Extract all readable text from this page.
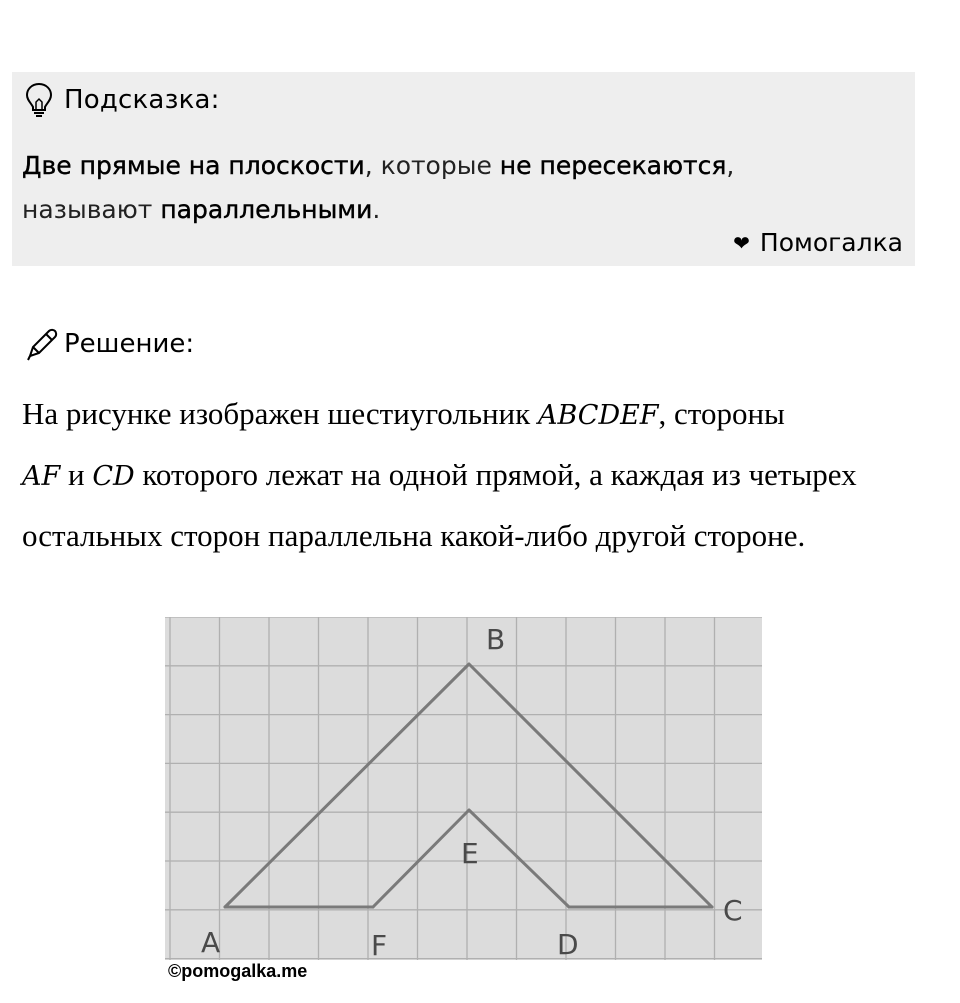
Подсказка:
Две прямые на плоскости, которые не пересекаются,
называют параллельными.
❤ Помогалка
Решение:
На рисунке изображен шестиугольник ABCDEF, стороны
AF и CD которого лежат на одной прямой, а каждая из четырех остальных сторон параллельна какой-либо другой стороне.
A
B
C
D
E
F
©pomogalka.me
